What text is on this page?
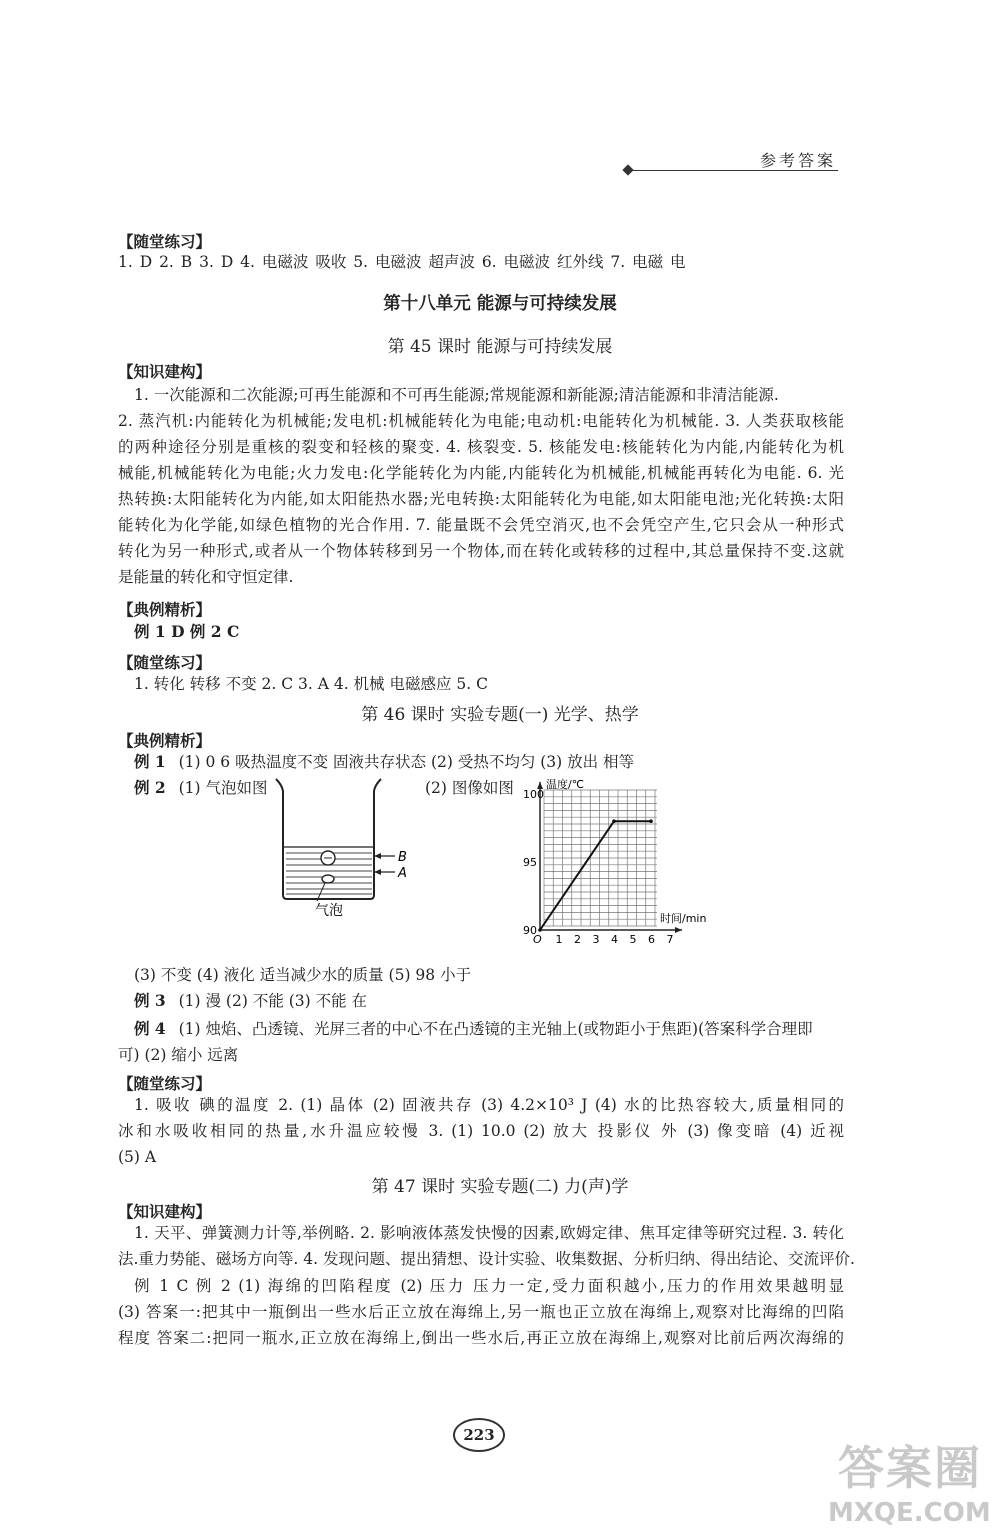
参考答案
【随堂练习】
1. D 2. B 3. D 4. 电磁波 吸收 5. 电磁波 超声波 6. 电磁波 红外线 7. 电磁 电
第十八单元 能源与可持续发展
第 45 课时 能源与可持续发展
【知识建构】
1. 一次能源和二次能源;可再生能源和不可再生能源;常规能源和新能源;清洁能源和非清洁能源.
2. 蒸汽机:内能转化为机械能;发电机:机械能转化为电能;电动机:电能转化为机械能. 3. 人类获取核能
的两种途径分别是重核的裂变和轻核的聚变. 4. 核裂变. 5. 核能发电:核能转化为内能,内能转化为机
械能,机械能转化为电能;火力发电:化学能转化为内能,内能转化为机械能,机械能再转化为电能. 6. 光
热转换:太阳能转化为内能,如太阳能热水器;光电转换:太阳能转化为电能,如太阳能电池;光化转换:太阳
能转化为化学能,如绿色植物的光合作用. 7. 能量既不会凭空消灭,也不会凭空产生,它只会从一种形式
转化为另一种形式,或者从一个物体转移到另一个物体,而在转化或转移的过程中,其总量保持不变.这就
是能量的转化和守恒定律.
【典例精析】
例 1 D 例 2 C
【随堂练习】
1. 转化 转移 不变 2. C 3. A 4. 机械 电磁感应 5. C
第 46 课时 实验专题(一) 光学、热学
【典例精析】
例 1 (1) 0 6 吸热温度不变 固液共存状态 (2) 受热不均匀 (3) 放出 相等
例 2 (1) 气泡如图	(2) 图像如图
B
A
气泡
温度/℃
时间/min
O 1 2 3 4 5 6 7
90
95
100
(3) 不变 (4) 液化 适当减少水的质量 (5) 98 小于
例 3 (1) 漫 (2) 不能 (3) 不能 在
例 4 (1) 烛焰、凸透镜、光屏三者的中心不在凸透镜的主光轴上(或物距小于焦距)(答案科学合理即
可) (2) 缩小 远离
【随堂练习】
1. 吸收 碘的温度 2. (1) 晶体 (2) 固液共存 (3) 4.2×10³ J (4) 水的比热容较大,质量相同的
冰和水吸收相同的热量,水升温应较慢 3. (1) 10.0 (2) 放大 投影仪 外 (3) 像变暗 (4) 近视
(5) A
第 47 课时 实验专题(二) 力(声)学
【知识建构】
1. 天平、弹簧测力计等,举例略. 2. 影响液体蒸发快慢的因素,欧姆定律、焦耳定律等研究过程. 3. 转化
法.重力势能、磁场方向等. 4. 发现问题、提出猜想、设计实验、收集数据、分析归纳、得出结论、交流评价.
例 1 C 例 2 (1) 海绵的凹陷程度 (2) 压力 压力一定,受力面积越小,压力的作用效果越明显
(3) 答案一:把其中一瓶倒出一些水后正立放在海绵上,另一瓶也正立放在海绵上,观察对比海绵的凹陷
程度 答案二:把同一瓶水,正立放在海绵上,倒出一些水后,再正立放在海绵上,观察对比前后两次海绵的
223
答案圈
MXQE.COM
